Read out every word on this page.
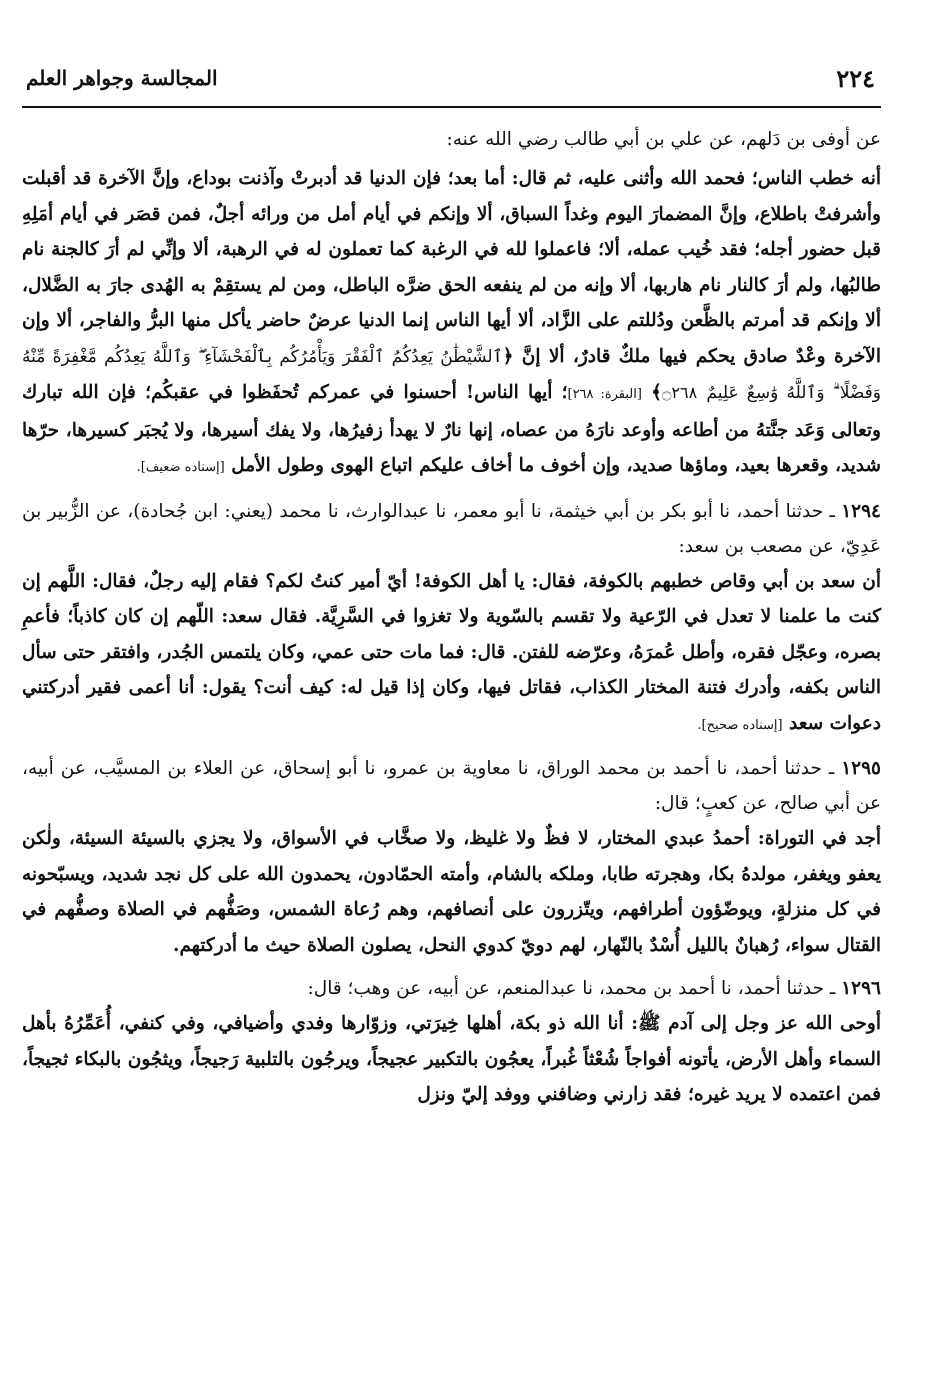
٢٢٤
المجالسة وجواهر العلم

عن أوفى بن دَلهم، عن علي بن أبي طالب رضي الله عنه:

أنه خطب الناس؛ فحمد الله وأثنى عليه، ثم قال: أما بعد؛ فإن الدنيا قد أدبرتْ وآذنت بوداع، وإنَّ الآخرة قد أقبلت وأشرفتْ باطلاع، وإنَّ المضمارَ اليوم وغداً السباق، ألا وإنكم في أيام أمل من ورائه أجلٌ، فمن قصَر في أيام أمَلِهِ قبل حضور أجله؛ فقد خُيب عمله، ألا؛ فاعملوا لله في الرغبة كما تعملون له في الرهبة، ألا وإنِّي لم أرَ كالجنة نام طالبُها، ولم أرَ كالنار نام هاربها، ألا وإنه من لم ينفعه الحق ضرَّه الباطل، ومن لم يستقِمْ به الهُدى جارَ به الضَّلال، ألا وإنكم قد أمرتم بالظَّعن ودُللتم على الزَّاد، ألا أيها الناس إنما الدنيا عرضٌ حاضر يأكل منها البرُّ والفاجر، ألا وإن الآخرة وعْدٌ صادق يحكم فيها ملكٌ قادرٌ، ألا إنَّ ﴿ٱلشَّيْطَٰنُ يَعِدُكُمُ ٱلْفَقْرَ وَيَأْمُرُكُم بِٱلْفَحْشَآءِ ۖ وَٱللَّهُ يَعِدُكُم مَّغْفِرَةً مِّنْهُ وَفَضْلًا ۗ وَٱللَّهُ وَٰسِعٌ عَلِيمٌ ۝٢٦٨﴾ [البقرة: ٢٦٨]؛ أيها الناس! أحسنوا في عمركم تُحفَظوا في عقبكُم؛ فإن الله تبارك وتعالى وَعَد جنَّتهُ من أطاعه وأوعد نارَهُ من عصاه، إنها نارٌ لا يهدأ زفيرُها، ولا يفك أسيرها، ولا يُجبَر كسيرها، حرّها شديد، وقعرها بعيد، وماؤها صديد، وإن أخوف ما أخاف عليكم اتباع الهوى وطول الأمل [إسناده ضعيف].

١٢٩٤ ـ حدثنا أحمد، نا أبو بكر بن أبي خيثمة، نا أبو معمر، نا عبدالوارث، نا محمد (يعني: ابن جُحادة)، عن الزُّبير بن عَدِيّ، عن مصعب بن سعد:

أن سعد بن أبي وقاص خطبهم بالكوفة، فقال: يا أهل الكوفة! أيّ أمير كنتُ لكم؟ فقام إليه رجلٌ، فقال: اللَّهم إن كنت ما علمنا لا تعدل في الرّعية ولا تقسم بالسّوية ولا تغزوا في السَّرِيَّة. فقال سعد: اللّهم إن كان كاذباً؛ فأعمِ بصره، وعجّل فقره، وأطل عُمرَهُ، وعرّضه للفتن. قال: فما مات حتى عمي، وكان يلتمس الجُدر، وافتقر حتى سأل الناس بكفه، وأدرك فتنة المختار الكذاب، فقاتل فيها، وكان إذا قيل له: كيف أنت؟ يقول: أنا أعمى فقير أدركتني دعوات سعد [إسناده صحيح].

١٢٩٥ ـ حدثنا أحمد، نا أحمد بن محمد الوراق، نا معاوية بن عمرو، نا أبو إسحاق، عن العلاء بن المسيَّب، عن أبيه، عن أبي صالح، عن كعبٍ؛ قال:

أجد في التوراة: أحمدُ عبدي المختار، لا فظٌ ولا غليظ، ولا صخَّاب في الأسواق، ولا يجزي بالسيئة السيئة، ولٰكن يعفو ويغفر، مولدهُ بكا، وهجرته طابا، وملكه بالشام، وأمته الحمّادون، يحمدون الله على كل نجد شديد، ويسبّحونه في كل منزلةٍ، ويوضّؤون أطرافهم، ويتّزرون على أنصافهم، وهم رُعاة الشمس، وصَفُّهم في الصلاة وصفُّهم في القتال سواء، رُهبانٌ بالليل أُسْدٌ بالنّهار، لهم دويّ كدوي النحل، يصلون الصلاة حيث ما أدركتهم.

١٢٩٦ ـ حدثنا أحمد، نا أحمد بن محمد، نا عبدالمنعم، عن أبيه، عن وهب؛ قال:

أوحى الله عز وجل إلى آدم ﷺ: أنا الله ذو بكة، أهلها خِيرَتي، وزوّارها وفدي وأضيافي، وفي كنفي، أُعَمِّرُهُ بأهل السماء وأهل الأرض، يأتونه أفواجاً شُعْثاً غُبراً، يعجُون بالتكبير عجيجاً، ويرجُون بالتلبية رَجيجاً، ويثجُون بالبكاء ثجيجاً، فمن اعتمده لا يريد غيره؛ فقد زارني وضافني ووفد إليّ ونزل
